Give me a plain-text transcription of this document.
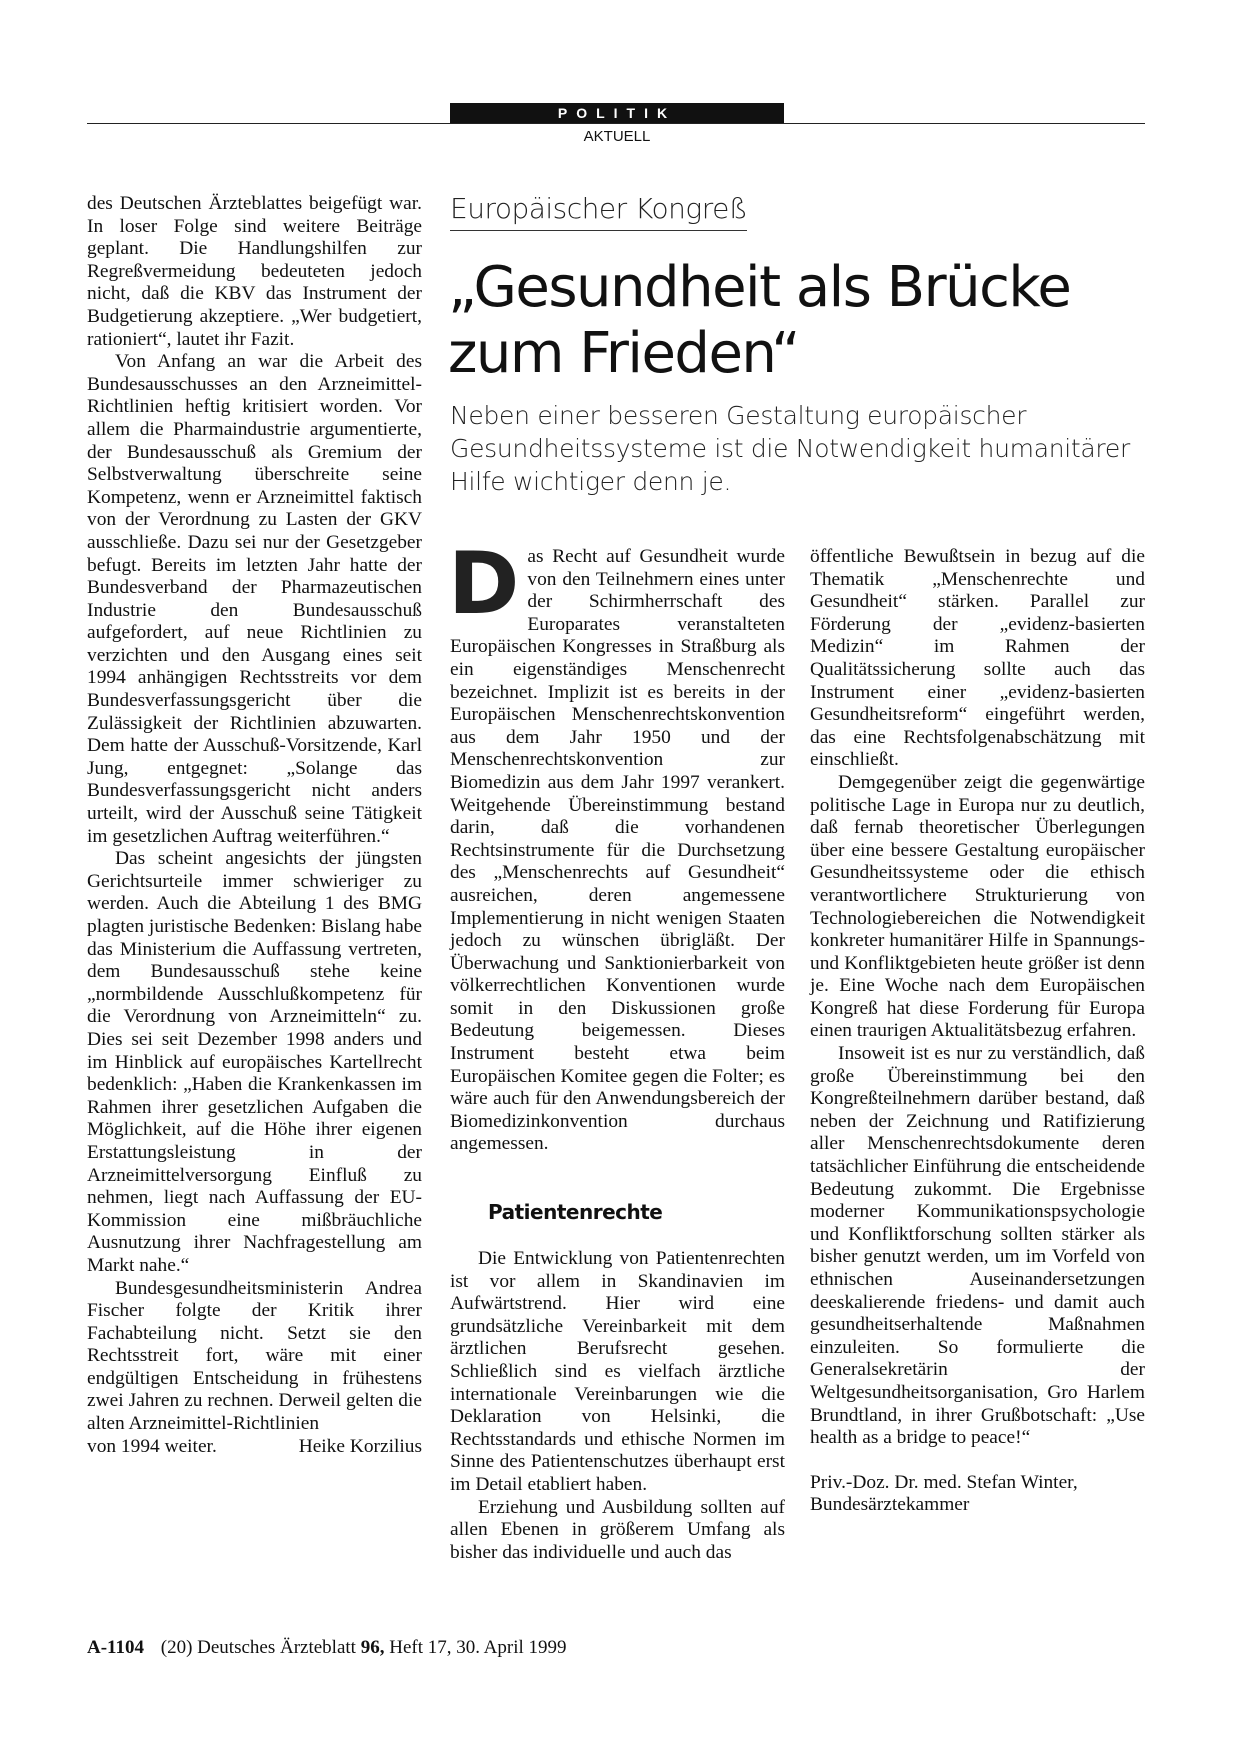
POLITIK
AKTUELL

des Deutschen Ärzteblattes beigefügt war. In loser Folge sind weitere Beiträge geplant. Die Handlungshilfen zur Regreßvermeidung bedeuteten jedoch nicht, daß die KBV das Instrument der Budgetierung akzeptiere. „Wer budgetiert, rationiert“, lautet ihr Fazit.

Von Anfang an war die Arbeit des Bundesausschusses an den Arzneimittel-Richtlinien heftig kritisiert worden. Vor allem die Pharmaindustrie argumentierte, der Bundesausschuß als Gremium der Selbstverwaltung überschreite seine Kompetenz, wenn er Arzneimittel faktisch von der Verordnung zu Lasten der GKV ausschließe. Dazu sei nur der Gesetzgeber befugt. Bereits im letzten Jahr hatte der Bundesverband der Pharmazeutischen Industrie den Bundesausschuß aufgefordert, auf neue Richtlinien zu verzichten und den Ausgang eines seit 1994 anhängigen Rechtsstreits vor dem Bundesverfassungsgericht über die Zulässigkeit der Richtlinien abzuwarten. Dem hatte der Ausschuß-Vorsitzende, Karl Jung, entgegnet: „Solange das Bundesverfassungsgericht nicht anders urteilt, wird der Ausschuß seine Tätigkeit im gesetzlichen Auftrag weiterführen.“

Das scheint angesichts der jüngsten Gerichtsurteile immer schwieriger zu werden. Auch die Abteilung 1 des BMG plagten juristische Bedenken: Bislang habe das Ministerium die Auffassung vertreten, dem Bundesausschuß stehe keine „normbildende Ausschlußkompetenz für die Verordnung von Arzneimitteln“ zu. Dies sei seit Dezember 1998 anders und im Hinblick auf europäisches Kartellrecht bedenklich: „Haben die Krankenkassen im Rahmen ihrer gesetzlichen Aufgaben die Möglichkeit, auf die Höhe ihrer eigenen Erstattungsleistung in der Arzneimittelversorgung Einfluß zu nehmen, liegt nach Auffassung der EU-Kommission eine mißbräuchliche Ausnutzung ihrer Nachfragestellung am Markt nahe.“

Bundesgesundheitsministerin Andrea Fischer folgte der Kritik ihrer Fachabteilung nicht. Setzt sie den Rechtsstreit fort, wäre mit einer endgültigen Entscheidung in frühestens zwei Jahren zu rechnen. Derweil gelten die alten Arzneimittel-Richtlinien

von 1994 weiter.	Heike Korzilius
Europäischer Kongreß
„Gesundheit als Brücke zum Frieden“

Neben einer besseren Gestaltung europäischer Gesundheitssysteme ist die Notwendigkeit humanitärer Hilfe wichtiger denn je.

Das Recht auf Gesundheit wurde von den Teilnehmern eines unter der Schirmherrschaft des Europarates veranstalteten Europäischen Kongresses in Straßburg als ein eigenständiges Menschenrecht bezeichnet. Implizit ist es bereits in der Europäischen Menschenrechtskonvention aus dem Jahr 1950 und der Menschenrechtskonvention zur Biomedizin aus dem Jahr 1997 verankert. Weitgehende Übereinstimmung bestand darin, daß die vorhandenen Rechtsinstrumente für die Durchsetzung des „Menschenrechts auf Gesundheit“ ausreichen, deren angemessene Implementierung in nicht wenigen Staaten jedoch zu wünschen übrigläßt. Der Überwachung und Sanktionierbarkeit von völkerrechtlichen Konventionen wurde somit in den Diskussionen große Bedeutung beigemessen. Dieses Instrument besteht etwa beim Europäischen Komitee gegen die Folter; es wäre auch für den Anwendungsbereich der Biomedizinkonvention durchaus angemessen.

Patientenrechte

Die Entwicklung von Patientenrechten ist vor allem in Skandinavien im Aufwärtstrend. Hier wird eine grundsätzliche Vereinbarkeit mit dem ärztlichen Berufsrecht gesehen. Schließlich sind es vielfach ärztliche internationale Vereinbarungen wie die Deklaration von Helsinki, die Rechtsstandards und ethische Normen im Sinne des Patientenschutzes überhaupt erst im Detail etabliert haben.

Erziehung und Ausbildung sollten auf allen Ebenen in größerem Umfang als bisher das individuelle und auch das

öffentliche Bewußtsein in bezug auf die Thematik „Menschenrechte und Gesundheit“ stärken. Parallel zur Förderung der „evidenz-basierten Medizin“ im Rahmen der Qualitätssicherung sollte auch das Instrument einer „evidenz-basierten Gesundheitsreform“ eingeführt werden, das eine Rechtsfolgenabschätzung mit einschließt.

Demgegenüber zeigt die gegenwärtige politische Lage in Europa nur zu deutlich, daß fernab theoretischer Überlegungen über eine bessere Gestaltung europäischer Gesundheitssysteme oder die ethisch verantwortlichere Strukturierung von Technologiebereichen die Notwendigkeit konkreter humanitärer Hilfe in Spannungs- und Konfliktgebieten heute größer ist denn je. Eine Woche nach dem Europäischen Kongreß hat diese Forderung für Europa einen traurigen Aktualitätsbezug erfahren.

Insoweit ist es nur zu verständlich, daß große Übereinstimmung bei den Kongreßteilnehmern darüber bestand, daß neben der Zeichnung und Ratifizierung aller Menschenrechtsdokumente deren tatsächlicher Einführung die entscheidende Bedeutung zukommt. Die Ergebnisse moderner Kommunikationspsychologie und Konfliktforschung sollten stärker als bisher genutzt werden, um im Vorfeld von ethnischen Auseinandersetzungen deeskalierende friedens- und damit auch gesundheitserhaltende Maßnahmen einzuleiten. So formulierte die Generalsekretärin der Weltgesundheitsorganisation, Gro Harlem Brundtland, in ihrer Grußbotschaft: „Use health as a bridge to peace!“

Priv.-Doz. Dr. med. Stefan Winter,
Bundesärztekammer
A-1104 (20) Deutsches Ärzteblatt 96, Heft 17, 30. April 1999
